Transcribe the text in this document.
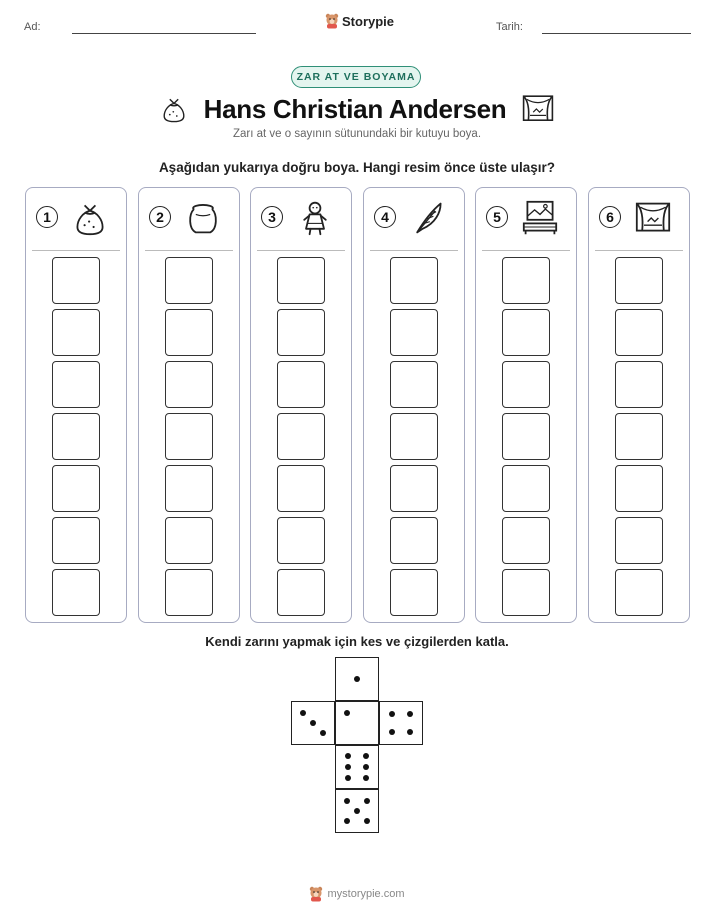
Ad:	Storypie	Tarih:
ZAR AT VE BOYAMA
Hans Christian Andersen
Zarı at ve o sayının sütunundaki bir kutuyu boya.
Aşağıdan yukarıya doğru boya. Hangi resim önce üste ulaşır?
1	2	3	4	5	6
Kendi zarını yapmak için kes ve çizgilerden katla.
mystorypie.com
